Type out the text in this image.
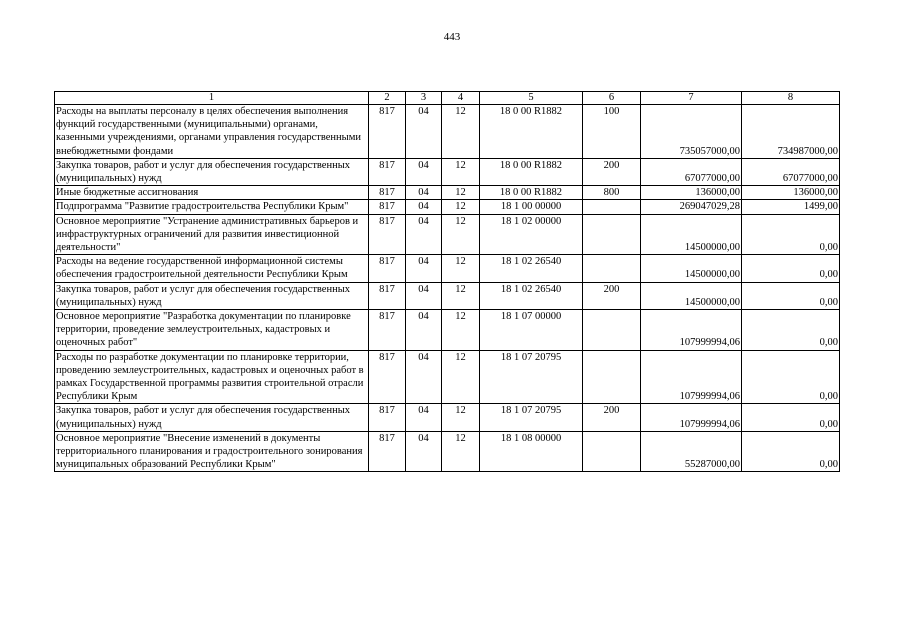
443
1	2	3	4	5	6	7	8
Расходы на выплаты персоналу в целях обеспечения выполнения функций государственными (муниципальными) органами, казенными учреждениями, органами управления государственными внебюджетными фондами	817	04	12	18 0 00 R1882	100	735057000,00	734987000,00
Закупка товаров, работ и услуг для обеспечения государственных (муниципальных) нужд	817	04	12	18 0 00 R1882	200	67077000,00	67077000,00
Иные бюджетные ассигнования	817	04	12	18 0 00 R1882	800	136000,00	136000,00
Подпрограмма "Развитие градостроительства Республики Крым"	817	04	12	18 1 00 00000		269047029,28	1499,00
Основное мероприятие "Устранение административных барьеров и инфраструктурных ограничений для развития инвестиционной деятельности"	817	04	12	18 1 02 00000		14500000,00	0,00
Расходы на ведение государственной информационной системы обеспечения градостроительной деятельности Республики Крым	817	04	12	18 1 02 26540		14500000,00	0,00
Закупка товаров, работ и услуг для обеспечения государственных (муниципальных) нужд	817	04	12	18 1 02 26540	200	14500000,00	0,00
Основное мероприятие "Разработка документации по планировке территории, проведение землеустроительных, кадастровых и оценочных работ"	817	04	12	18 1 07 00000		107999994,06	0,00
Расходы по разработке документации по планировке территории, проведению землеустроительных, кадастровых и оценочных работ в рамках Государственной программы развития строительной отрасли Республики Крым	817	04	12	18 1 07 20795		107999994,06	0,00
Закупка товаров, работ и услуг для обеспечения государственных (муниципальных) нужд	817	04	12	18 1 07 20795	200	107999994,06	0,00
Основное мероприятие "Внесение изменений в документы территориального планирования и градостроительного зонирования муниципальных образований Республики Крым"	817	04	12	18 1 08 00000		55287000,00	0,00
